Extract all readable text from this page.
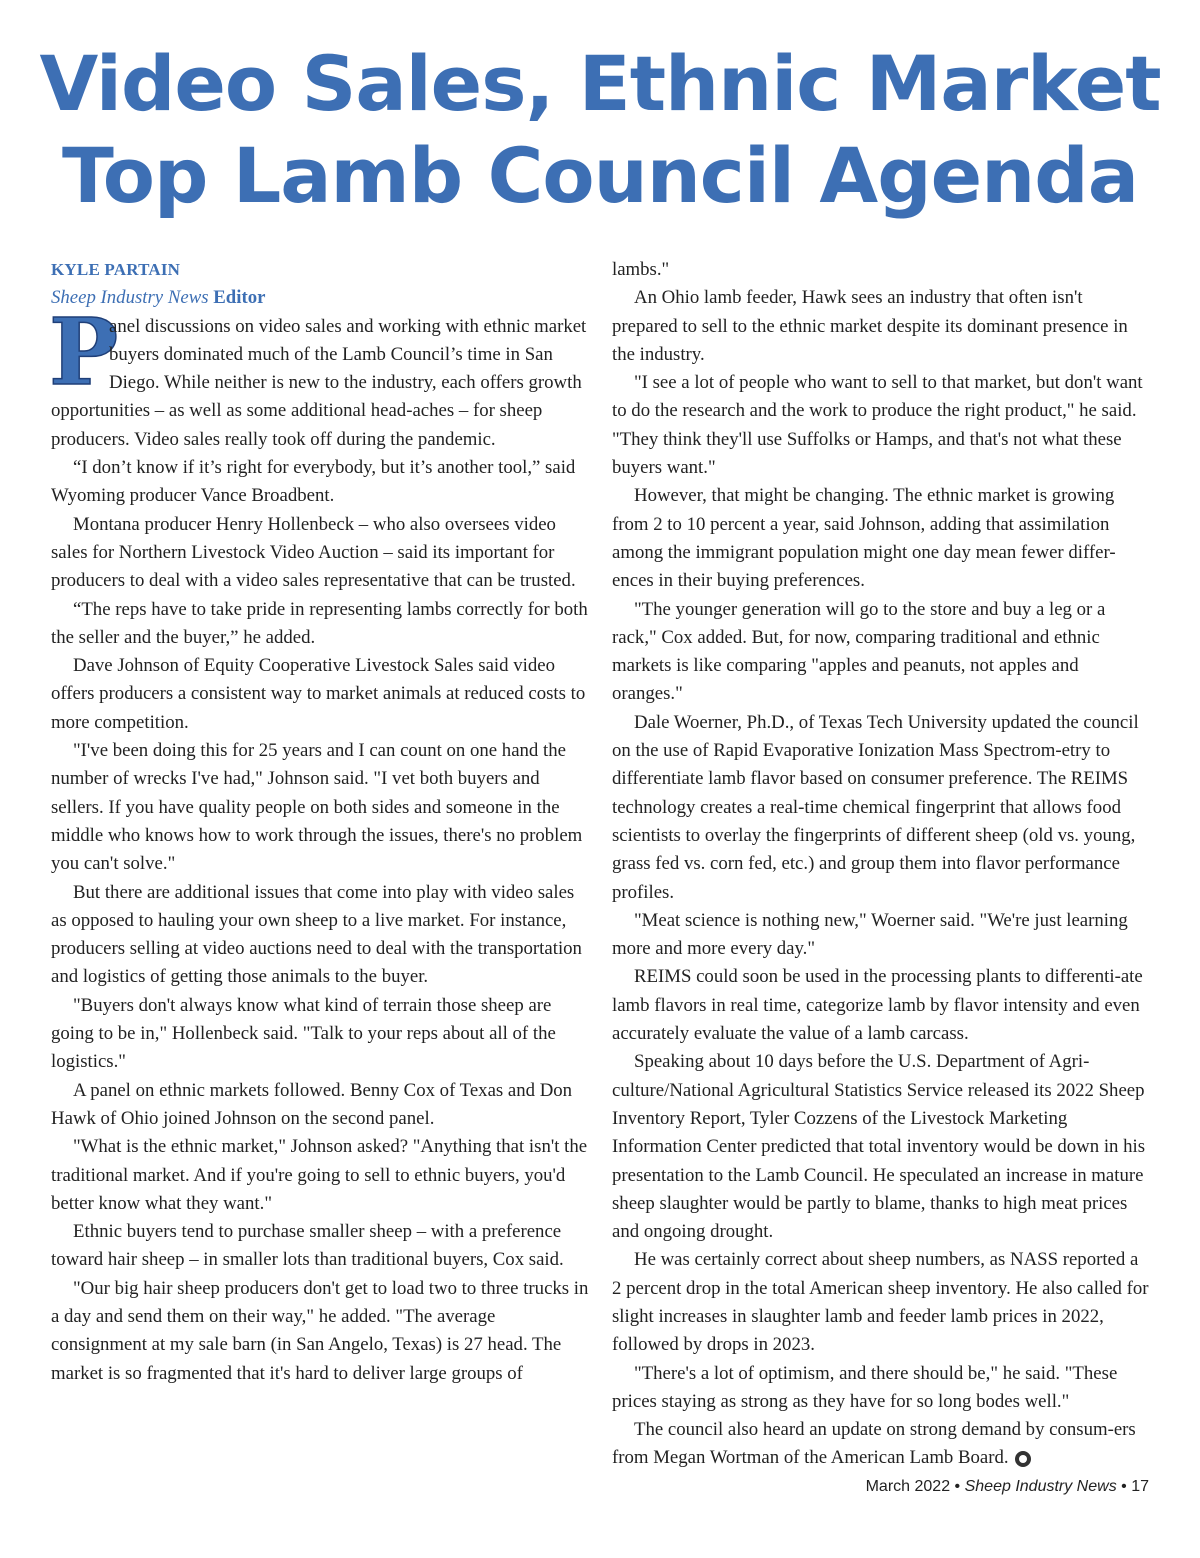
Video Sales, Ethnic Market
Top Lamb Council Agenda
KYLE PARTAIN
Sheep Industry News Editor

P
anel discussions on video sales and working with ethnic market buyers dominated much of the Lamb Council’s time in San Diego. While neither is new to the industry, each offers growth opportunities – as well as some additional head-aches – for sheep producers. Video sales really took off during the pandemic.

“I don’t know if it’s right for everybody, but it’s another tool,” said Wyoming producer Vance Broadbent.

Montana producer Henry Hollenbeck – who also oversees video sales for Northern Livestock Video Auction – said its important for producers to deal with a video sales representative that can be trusted.

“The reps have to take pride in representing lambs correctly for both the seller and the buyer,” he added.

Dave Johnson of Equity Cooperative Livestock Sales said video offers producers a consistent way to market animals at reduced costs to more competition.

"I've been doing this for 25 years and I can count on one hand the number of wrecks I've had," Johnson said. "I vet both buyers and sellers. If you have quality people on both sides and someone in the middle who knows how to work through the issues, there's no problem you can't solve."

But there are additional issues that come into play with video sales as opposed to hauling your own sheep to a live market. For instance, producers selling at video auctions need to deal with the transportation and logistics of getting those animals to the buyer.

"Buyers don't always know what kind of terrain those sheep are going to be in," Hollenbeck said. "Talk to your reps about all of the logistics."

A panel on ethnic markets followed. Benny Cox of Texas and Don Hawk of Ohio joined Johnson on the second panel.

"What is the ethnic market," Johnson asked? "Anything that isn't the traditional market. And if you're going to sell to ethnic buyers, you'd better know what they want."

Ethnic buyers tend to purchase smaller sheep – with a preference toward hair sheep – in smaller lots than traditional buyers, Cox said.

"Our big hair sheep producers don't get to load two to three trucks in a day and send them on their way," he added. "The average consignment at my sale barn (in San Angelo, Texas) is 27 head. The market is so fragmented that it's hard to deliver large groups of

lambs."

An Ohio lamb feeder, Hawk sees an industry that often isn't prepared to sell to the ethnic market despite its dominant presence in the industry.

"I see a lot of people who want to sell to that market, but don't want to do the research and the work to produce the right product," he said. "They think they'll use Suffolks or Hamps, and that's not what these buyers want."

However, that might be changing. The ethnic market is growing from 2 to 10 percent a year, said Johnson, adding that assimilation among the immigrant population might one day mean fewer differ-ences in their buying preferences.

"The younger generation will go to the store and buy a leg or a rack," Cox added. But, for now, comparing traditional and ethnic markets is like comparing "apples and peanuts, not apples and oranges."

Dale Woerner, Ph.D., of Texas Tech University updated the council on the use of Rapid Evaporative Ionization Mass Spectrom-etry to differentiate lamb flavor based on consumer preference. The REIMS technology creates a real-time chemical fingerprint that allows food scientists to overlay the fingerprints of different sheep (old vs. young, grass fed vs. corn fed, etc.) and group them into flavor performance profiles.

"Meat science is nothing new," Woerner said. "We're just learning more and more every day."

REIMS could soon be used in the processing plants to differenti-ate lamb flavors in real time, categorize lamb by flavor intensity and even accurately evaluate the value of a lamb carcass.

Speaking about 10 days before the U.S. Department of Agri-culture/National Agricultural Statistics Service released its 2022 Sheep Inventory Report, Tyler Cozzens of the Livestock Marketing Information Center predicted that total inventory would be down in his presentation to the Lamb Council. He speculated an increase in mature sheep slaughter would be partly to blame, thanks to high meat prices and ongoing drought.

He was certainly correct about sheep numbers, as NASS reported a 2 percent drop in the total American sheep inventory. He also called for slight increases in slaughter lamb and feeder lamb prices in 2022, followed by drops in 2023.

"There's a lot of optimism, and there should be," he said. "These prices staying as strong as they have for so long bodes well."

The council also heard an update on strong demand by consum-ers from Megan Wortman of the American Lamb Board.

March 2022 • Sheep Industry News • 17
